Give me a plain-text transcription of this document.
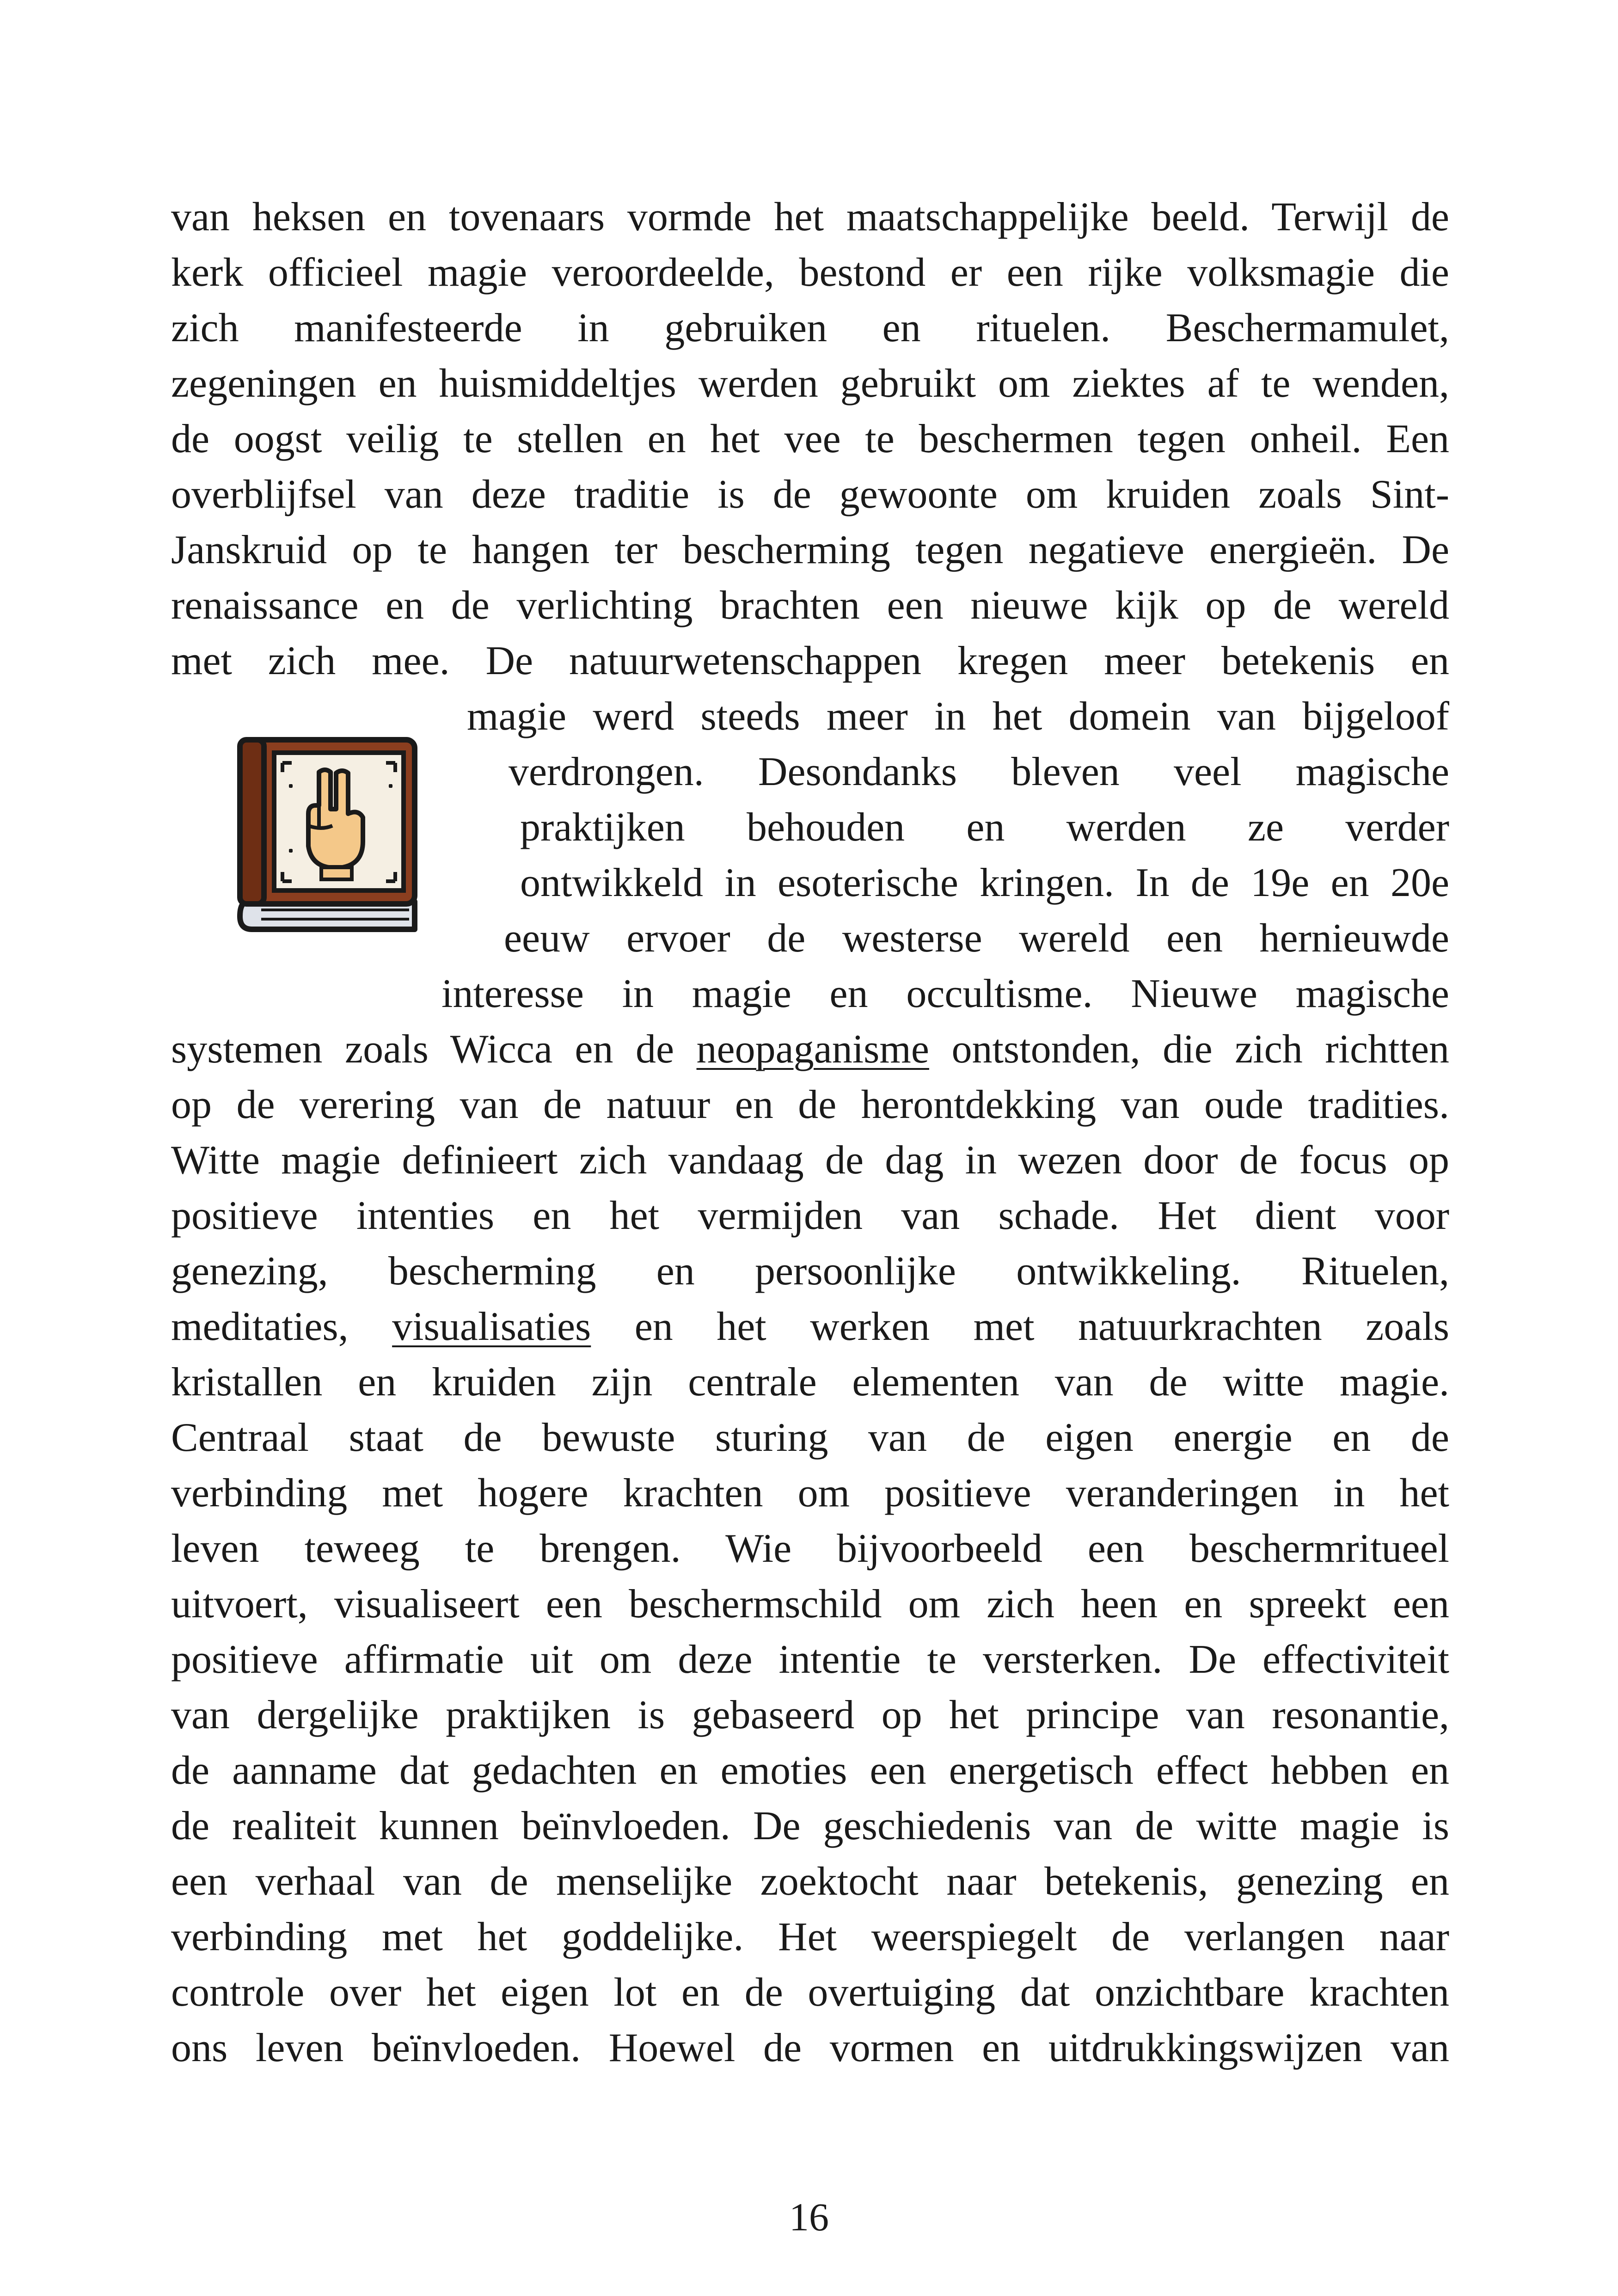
van heksen en tovenaars vormde het maatschappelijke beeld. Terwijl de
kerk officieel magie veroordeelde, bestond er een rijke volksmagie die
zich manifesteerde in gebruiken en rituelen. Beschermamulet,
zegeningen en huismiddeltjes werden gebruikt om ziektes af te wenden,
de oogst veilig te stellen en het vee te beschermen tegen onheil. Een
overblijfsel van deze traditie is de gewoonte om kruiden zoals Sint-
Janskruid op te hangen ter bescherming tegen negatieve energieën. De
renaissance en de verlichting brachten een nieuwe kijk op de wereld
met zich mee. De natuurwetenschappen kregen meer betekenis en
magie werd steeds meer in het domein van bijgeloof
verdrongen. Desondanks bleven veel magische
praktijken behouden en werden ze verder
ontwikkeld in esoterische kringen. In de 19e en 20e
eeuw ervoer de westerse wereld een hernieuwde
interesse in magie en occultisme. Nieuwe magische
systemen zoals Wicca en de neopaganisme ontstonden, die zich richtten
op de verering van de natuur en de herontdekking van oude tradities.
Witte magie definieert zich vandaag de dag in wezen door de focus op
positieve intenties en het vermijden van schade. Het dient voor
genezing, bescherming en persoonlijke ontwikkeling. Rituelen,
meditaties, visualisaties en het werken met natuurkrachten zoals
kristallen en kruiden zijn centrale elementen van de witte magie.
Centraal staat de bewuste sturing van de eigen energie en de
verbinding met hogere krachten om positieve veranderingen in het
leven teweeg te brengen. Wie bijvoorbeeld een beschermritueel
uitvoert, visualiseert een beschermschild om zich heen en spreekt een
positieve affirmatie uit om deze intentie te versterken. De effectiviteit
van dergelijke praktijken is gebaseerd op het principe van resonantie,
de aanname dat gedachten en emoties een energetisch effect hebben en
de realiteit kunnen beïnvloeden. De geschiedenis van de witte magie is
een verhaal van de menselijke zoektocht naar betekenis, genezing en
verbinding met het goddelijke. Het weerspiegelt de verlangen naar
controle over het eigen lot en de overtuiging dat onzichtbare krachten
ons leven beïnvloeden. Hoewel de vormen en uitdrukkingswijzen van
16
